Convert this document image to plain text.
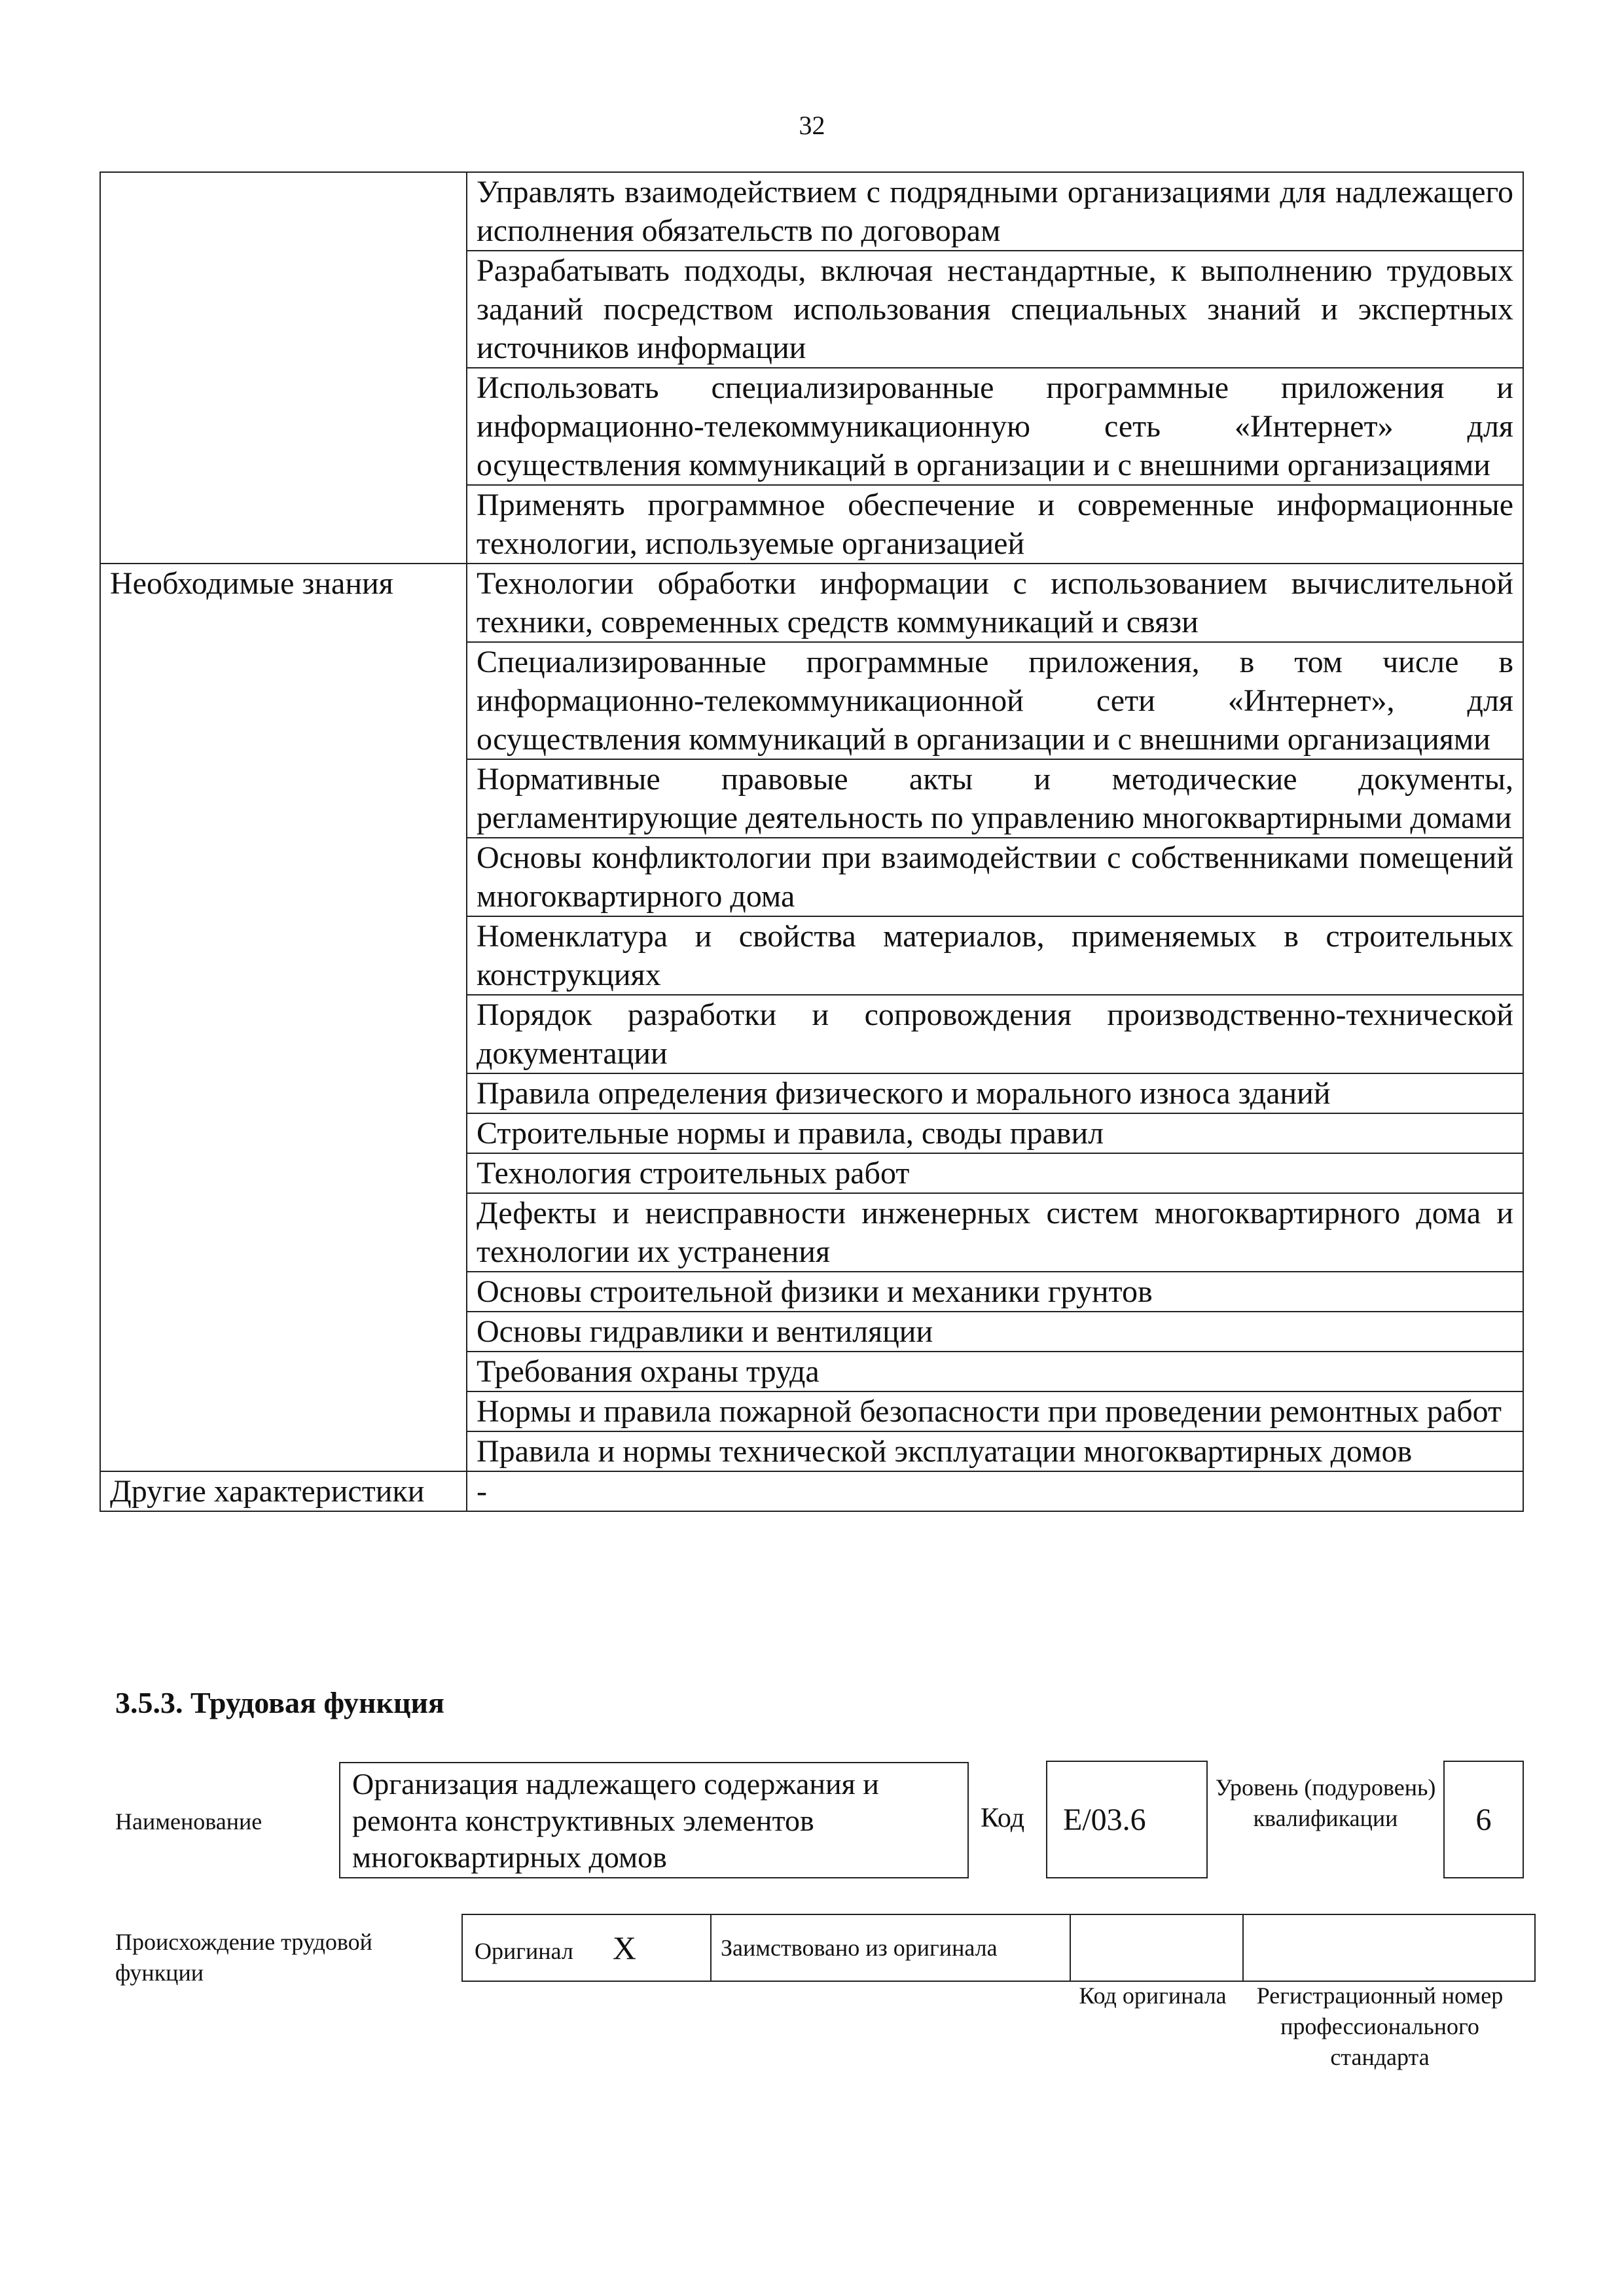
32
	Управлять взаимодействием с подрядными организациями для надлежащего исполнения обязательств по договорам
	Разрабатывать подходы, включая нестандартные, к выполнению трудовых заданий посредством использования специальных знаний и экспертных источников информации
	Использовать специализированные программные приложения и информационно-телекоммуникационную сеть «Интернет» для осуществления коммуникаций в организации и с внешними организациями
	Применять программное обеспечение и современные информационные технологии, используемые организацией
Необходимые знания	Технологии обработки информации с использованием вычислительной техники, современных средств коммуникаций и связи
	Специализированные программные приложения, в том числе в информационно-телекоммуникационной сети «Интернет», для осуществления коммуникаций в организации и с внешними организациями
	Нормативные правовые акты и методические документы, регламентирующие деятельность по управлению многоквартирными домами
	Основы конфликтологии при взаимодействии с собственниками помещений многоквартирного дома
	Номенклатура и свойства материалов, применяемых в строительных конструкциях
	Порядок разработки и сопровождения производственно-технической документации
	Правила определения физического и морального износа зданий
	Строительные нормы и правила, своды правил
	Технология строительных работ
	Дефекты и неисправности инженерных систем многоквартирного дома и технологии их устранения
	Основы строительной физики и механики грунтов
	Основы гидравлики и вентиляции
	Требования охраны труда
	Нормы и правила пожарной безопасности при проведении ремонтных работ
	Правила и нормы технической эксплуатации многоквартирных домов
Другие характеристики	-
3.5.3. Трудовая функция
Наименование
Организация надлежащего содержания и ремонта конструктивных элементов многоквартирных домов
Код	E/03.6
Уровень (подуровень) квалификации	6
Происхождение трудовой функции
Оригинал X	Заимствовано из оригинала		
Код оригинала	Регистрационный номер профессионального стандарта
